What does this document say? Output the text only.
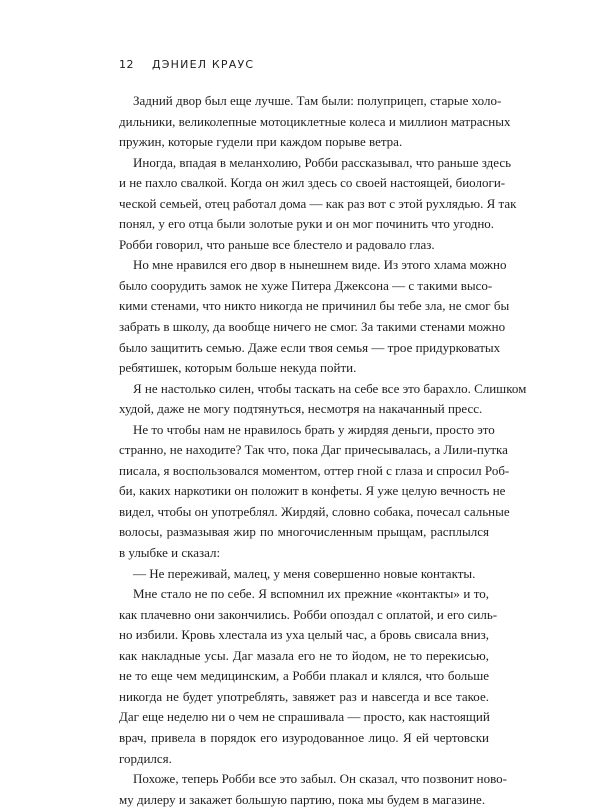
12 ДЭНИЕЛ КРАУС
Задний двор был еще лучше. Там были: полуприцеп, старые холо-
дильники, великолепные мотоциклетные колеса и миллион матрасных
пружин, которые гудели при каждом порыве ветра.
Иногда, впадая в меланхолию, Робби рассказывал, что раньше здесь
и не пахло свалкой. Когда он жил здесь со своей настоящей, биологи-
ческой семьей, отец работал дома — как раз вот с этой рухлядью. Я так
понял, у его отца были золотые руки и он мог починить что угодно.
Робби говорил, что раньше все блестело и радовало глаз.
Но мне нравился его двор в нынешнем виде. Из этого хлама можно
было соорудить замок не хуже Питера Джексона — с такими высо-
кими стенами, что никто никогда не причинил бы тебе зла, не смог бы
забрать в школу, да вообще ничего не смог. За такими стенами можно
было защитить семью. Даже если твоя семья — трое придурковатых
ребятишек, которым больше некуда пойти.
Я не настолько силен, чтобы таскать на себе все это барахло. Слишком
худой, даже не могу подтянуться, несмотря на накачанный пресс.
Не то чтобы нам не нравилось брать у жирдяя деньги, просто это
странно, не находите? Так что, пока Даг причесывалась, а Лили-путка
писала, я воспользовался моментом, оттер гной с глаза и спросил Роб-
би, каких наркотики он положит в конфеты. Я уже целую вечность не
видел, чтобы он употреблял. Жирдяй, словно собака, почесал сальные
волосы, размазывая жир по многочисленным прыщам, расплылся
в улыбке и сказал:
— Не переживай, малец, у меня совершенно новые контакты.
Мне стало не по себе. Я вспомнил их прежние «контакты» и то,
как плачевно они закончились. Робби опоздал с оплатой, и его силь-
но избили. Кровь хлестала из уха целый час, а бровь свисала вниз,
как накладные усы. Даг мазала его не то йодом, не то перекисью,
не то еще чем медицинским, а Робби плакал и клялся, что больше
никогда не будет употреблять, завяжет раз и навсегда и все такое.
Даг еще неделю ни о чем не спрашивала — просто, как настоящий
врач, привела в порядок его изуродованное лицо. Я ей чертовски
гордился.
Похоже, теперь Робби все это забыл. Он сказал, что позвонит ново-
му дилеру и закажет большую партию, пока мы будем в магазине.
